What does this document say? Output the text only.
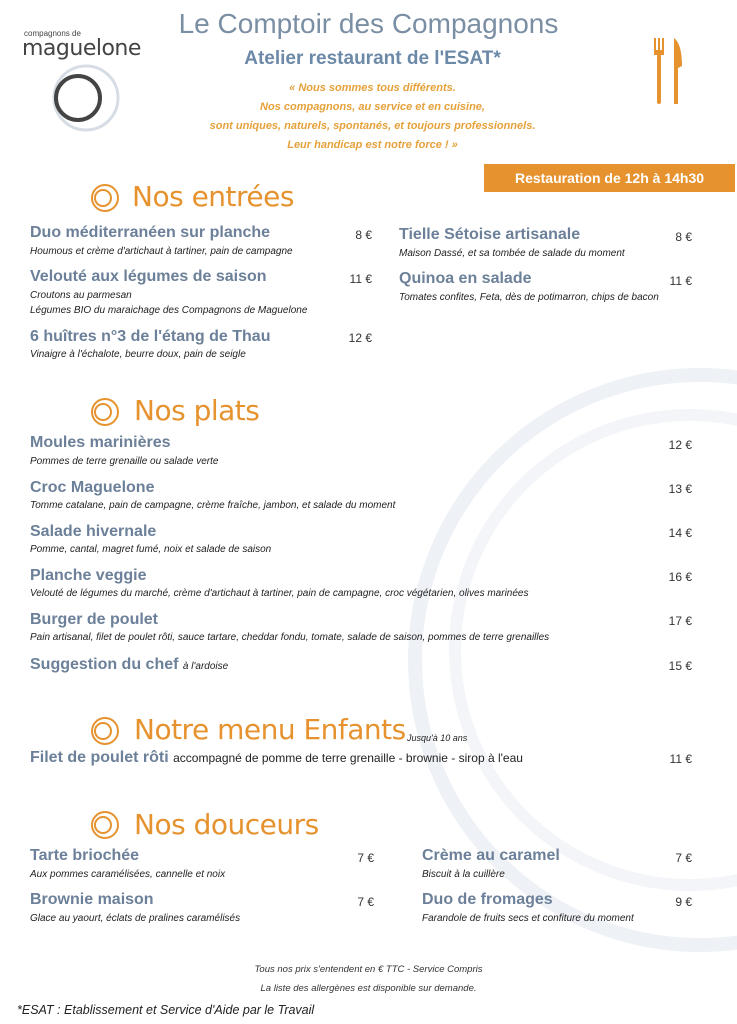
compagnons de
maguelone
Le Comptoir des Compagnons
Atelier restaurant de l'ESAT*
« Nous sommes tous différents.
Nos compagnons, au service et en cuisine,
sont uniques, naturels, spontanés, et toujours professionnels.
Leur handicap est notre force ! »
Restauration de 12h à 14h30
Nos entrées
Duo méditerranéen sur planche	8 €
Houmous et crème d'artichaut à tartiner, pain de campagne
Velouté aux légumes de saison	11 €
Croutons au parmesan
Légumes BIO du maraichage des Compagnons de Maguelone
6 huîtres n°3 de l'étang de Thau	12 €
Vinaigre à l'échalote, beurre doux, pain de seigle
Tielle Sétoise artisanale	8 €
Maison Dassé, et sa tombée de salade du moment
Quinoa en salade	11 €
Tomates confites, Feta, dès de potimarron, chips de bacon
Nos plats
Moules marinières	12 €
Pommes de terre grenaille ou salade verte
Croc Maguelone	13 €
Tomme catalane, pain de campagne, crème fraîche, jambon, et salade du moment
Salade hivernale	14 €
Pomme, cantal, magret fumé, noix et salade de saison
Planche veggie	16 €
Velouté de légumes du marché, crème d'artichaut à tartiner, pain de campagne, croc végétarien, olives marinées
Burger de poulet	17 €
Pain artisanal, filet de poulet rôti, sauce tartare, cheddar fondu, tomate, salade de saison, pommes de terre grenailles
Suggestion du chef à l'ardoise	15 €
Notre menu Enfants Jusqu'à 10 ans
Filet de poulet rôti accompagné de pomme de terre grenaille - brownie - sirop à l'eau	11 €
Nos douceurs
Tarte briochée	7 €
Aux pommes caramélisées, cannelle et noix
Brownie maison	7 €
Glace au yaourt, éclats de pralines caramélisés
Crème au caramel	7 €
Biscuit à la cuillère
Duo de fromages	9 €
Farandole de fruits secs et confiture du moment
Tous nos prix s'entendent en € TTC - Service Compris
La liste des allergènes est disponible sur demande.
*ESAT : Etablissement et Service d'Aide par le Travail
